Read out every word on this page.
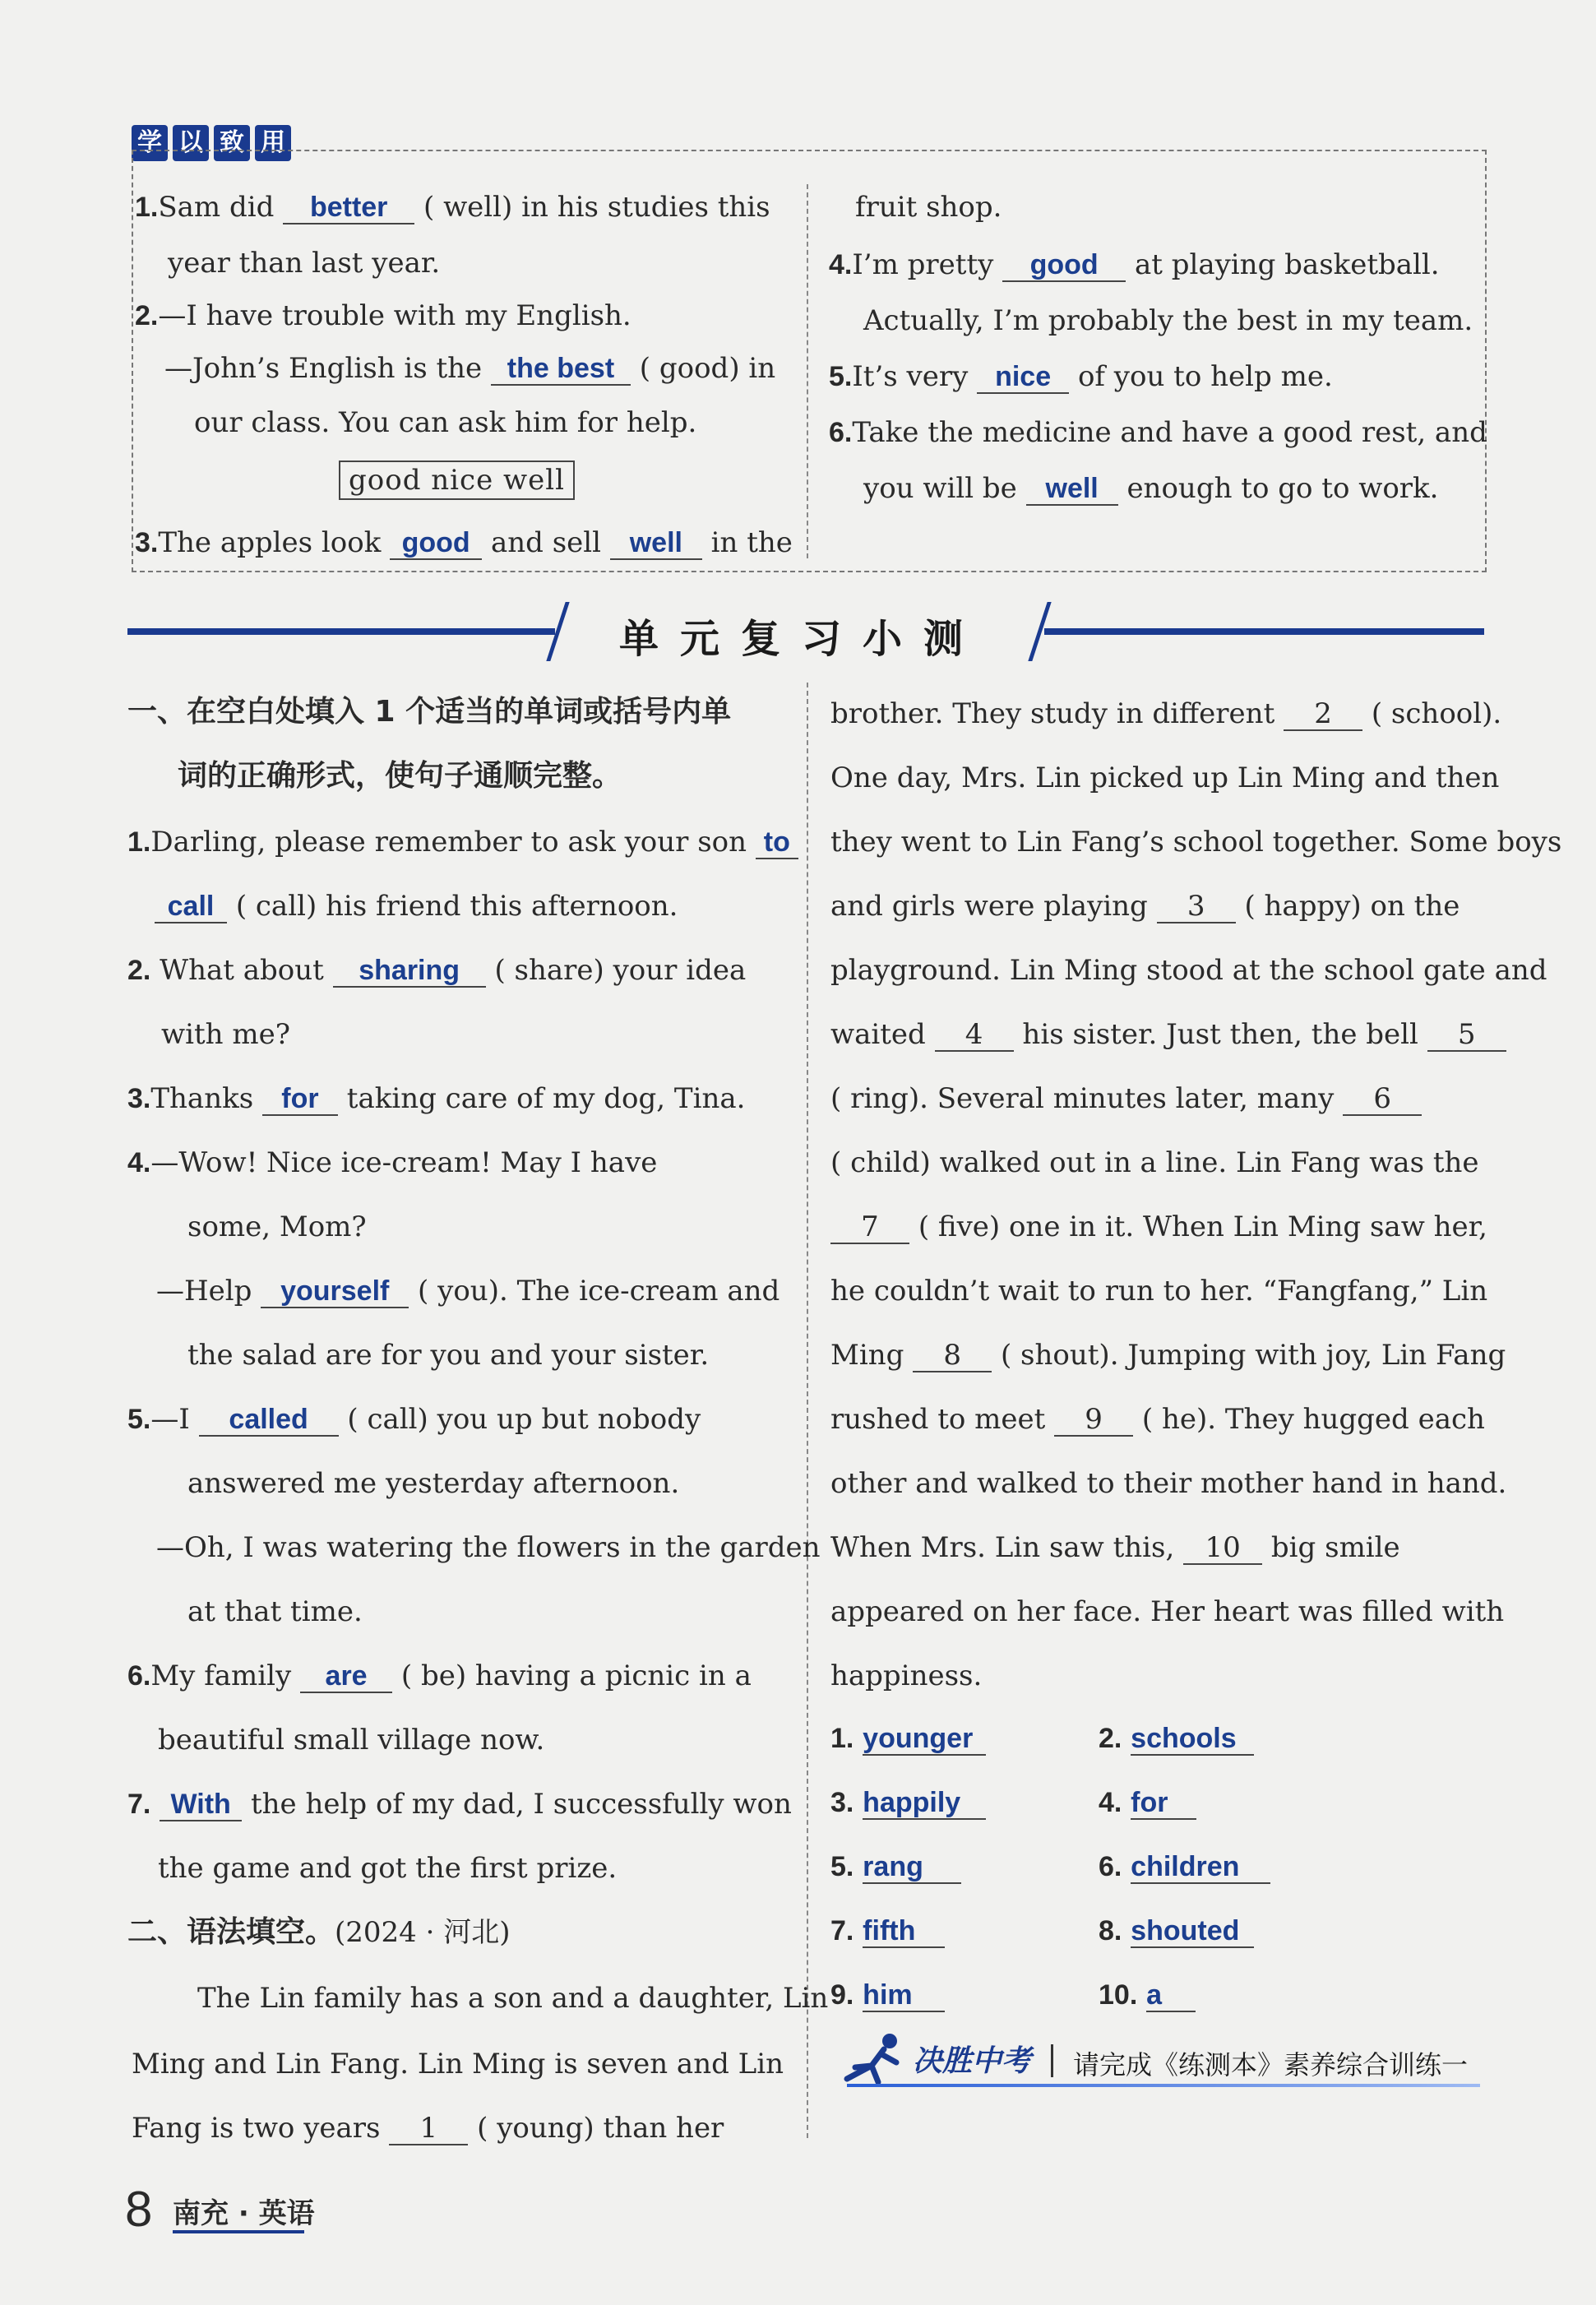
学 以 致 用
1.Sam did better ( well) in his studies this
year than last year.
2.—I have trouble with my English.
—John’s English is the the best ( good) in
our class. You can ask him for help.
good nice well
3.The apples look good and sell well in the
fruit shop.
4.I’m pretty good at playing basketball.
Actually, I’m probably the best in my team.
5.It’s very nice of you to help me.
6.Take the medicine and have a good rest, and
you will be well enough to go to work.
单元复习小测
一、在空白处填入 1 个适当的单词或括号内单
词的正确形式，使句子通顺完整。
1.Darling, please remember to ask your son to
call ( call) his friend this afternoon.
2. What about sharing ( share) your idea
with me?
3.Thanks for taking care of my dog, Tina.
4.—Wow! Nice ice-cream! May I have
some, Mom?
—Help yourself ( you). The ice-cream and
the salad are for you and your sister.
5.—I called ( call) you up but nobody
answered me yesterday afternoon.
—Oh, I was watering the flowers in the garden
at that time.
6.My family are ( be) having a picnic in a
beautiful small village now.
7. With the help of my dad, I successfully won
the game and got the first prize.
二、语法填空。(2024 · 河北)
The Lin family has a son and a daughter, Lin
Ming and Lin Fang. Lin Ming is seven and Lin
Fang is two years 1 ( young) than her
brother. They study in different 2 ( school).
One day, Mrs. Lin picked up Lin Ming and then
they went to Lin Fang’s school together. Some boys
and girls were playing 3 ( happy) on the
playground. Lin Ming stood at the school gate and
waited 4 his sister. Just then, the bell 5
( ring). Several minutes later, many 6
( child) walked out in a line. Lin Fang was the
7 ( five) one in it. When Lin Ming saw her,
he couldn’t wait to run to her. “Fangfang,” Lin
Ming 8 ( shout). Jumping with joy, Lin Fang
rushed to meet 9 ( he). They hugged each
other and walked to their mother hand in hand.
When Mrs. Lin saw this, 10 big smile
appeared on her face. Her heart was filled with
happiness.
1. younger	2. schools
3. happily	4. for
5. rang	6. children
7. fifth	8. shouted
9. him	10. a
决胜中考 请完成《练测本》素养综合训练一
8 南充 · 英语
